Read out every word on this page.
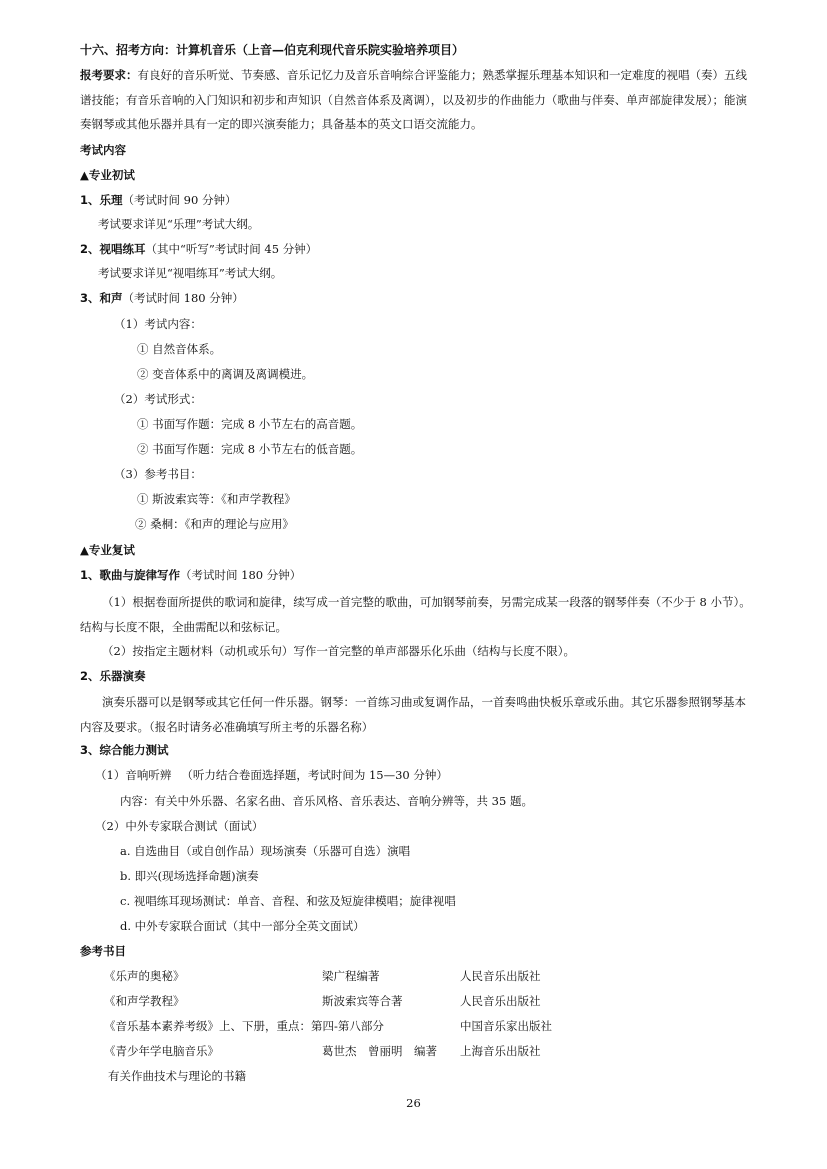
十六、招考方向：计算机音乐（上音—伯克利现代音乐院实验培养项目）
报考要求：有良好的音乐听觉、节奏感、音乐记忆力及音乐音响综合评鉴能力；熟悉掌握乐理基本知识和一定难度的视唱（奏）五线谱技能；有音乐音响的入门知识和初步和声知识（自然音体系及离调），以及初步的作曲能力（歌曲与伴奏、单声部旋律发展）；能演奏钢琴或其他乐器并具有一定的即兴演奏能力；具备基本的英文口语交流能力。
考试内容
▲专业初试
1、乐理（考试时间 90 分钟）
考试要求详见“乐理”考试大纲。
2、视唱练耳（其中“听写”考试时间 45 分钟）
考试要求详见“视唱练耳”考试大纲。
3、和声（考试时间 180 分钟）
（1）考试内容：
① 自然音体系。
② 变音体系中的离调及离调模进。
（2）考试形式：
① 书面写作题：完成 8 小节左右的高音题。
② 书面写作题：完成 8 小节左右的低音题。
（3）参考书目：
① 斯波索宾等：《和声学教程》
② 桑桐：《和声的理论与应用》
▲专业复试
1、歌曲与旋律写作（考试时间 180 分钟）
（1）根据卷面所提供的歌词和旋律，续写成一首完整的歌曲，可加钢琴前奏，另需完成某一段落的钢琴伴奏（不少于 8 小节）。结构与长度不限，全曲需配以和弦标记。
（2）按指定主题材料（动机或乐句）写作一首完整的单声部器乐化乐曲（结构与长度不限）。
2、乐器演奏
演奏乐器可以是钢琴或其它任何一件乐器。钢琴：一首练习曲或复调作品，一首奏鸣曲快板乐章或乐曲。其它乐器参照钢琴基本内容及要求。（报名时请务必准确填写所主考的乐器名称）
3、综合能力测试
（1）音响听辨 （听力结合卷面选择题，考试时间为 15—30 分钟）
内容：有关中外乐器、名家名曲、音乐风格、音乐表达、音响分辨等，共 35 题。
（2）中外专家联合测试（面试）
a. 自选曲目（或自创作品）现场演奏（乐器可自选）演唱
b. 即兴(现场选择命题)演奏
c. 视唱练耳现场测试：单音、音程、和弦及短旋律模唱；旋律视唱
d. 中外专家联合面试（其中一部分全英文面试）
参考书目
《乐声的奥秘》	梁广程编著	人民音乐出版社
《和声学教程》	斯波索宾等合著	人民音乐出版社
《音乐基本素养考级》上、下册，重点：第四-第八部分	中国音乐家出版社
《青少年学电脑音乐》	葛世杰　曾丽明　编著 上海音乐出版社
有关作曲技术与理论的书籍
26
